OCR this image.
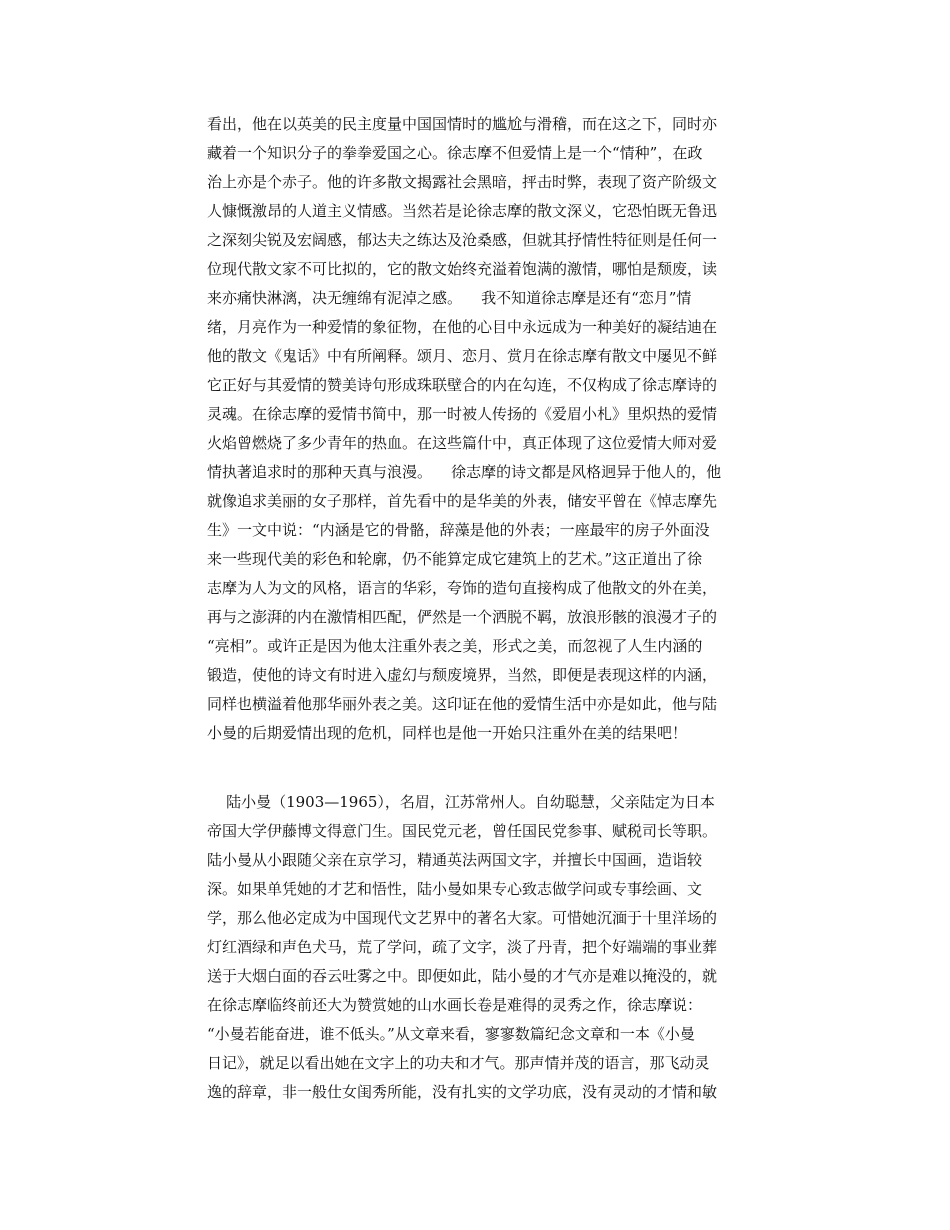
看出，他在以英美的民主度量中国国情时的尴尬与滑稽，而在这之下，同时亦
藏着一个知识分子的拳拳爱国之心。徐志摩不但爱情上是一个“情种”，在政
治上亦是个赤子。他的许多散文揭露社会黑暗，抨击时弊，表现了资产阶级文
人慷慨激昂的人道主义情感。当然若是论徐志摩的散文深义，它恐怕既无鲁迅
之深刻尖锐及宏阔感，郁达夫之练达及沧桑感，但就其抒情性特征则是任何一
位现代散文家不可比拟的，它的散文始终充溢着饱满的激情，哪怕是颓废，读
来亦痛快淋漓，决无缠绵有泥淖之感。    我不知道徐志摩是还有“恋月”情
绪，月亮作为一种爱情的象征物，在他的心目中永远成为一种美好的凝结迪在
他的散文《鬼话》中有所阐释。颂月、恋月、赏月在徐志摩有散文中屡见不鲜
它正好与其爱情的赞美诗句形成珠联壁合的内在勾连，不仅构成了徐志摩诗的
灵魂。在徐志摩的爱情书简中，那一时被人传扬的《爱眉小札》里炽热的爱情
火焰曾燃烧了多少青年的热血。在这些篇什中，真正体现了这位爱情大师对爱
情执著追求时的那种天真与浪漫。    徐志摩的诗文都是风格迥异于他人的，他
就像追求美丽的女子那样，首先看中的是华美的外表，储安平曾在《悼志摩先
生》一文中说：“内涵是它的骨骼，辞藻是他的外表；一座最牢的房子外面没
来一些现代美的彩色和轮廓，仍不能算定成它建筑上的艺术。”这正道出了徐
志摩为人为文的风格，语言的华彩，夸饰的造句直接构成了他散文的外在美，
再与之澎湃的内在激情相匹配，俨然是一个洒脱不羁，放浪形骸的浪漫才子的
“亮相”。或许正是因为他太注重外表之美，形式之美，而忽视了人生内涵的
锻造，使他的诗文有时进入虚幻与颓废境界，当然，即便是表现这样的内涵，
同样也横溢着他那华丽外表之美。这印证在他的爱情生活中亦是如此，他与陆
小曼的后期爱情出现的危机，同样也是他一开始只注重外在美的结果吧！
陆小曼（1903—1965），名眉，江苏常州人。自幼聪慧，父亲陆定为日本
帝国大学伊藤博文得意门生。国民党元老，曾任国民党参事、赋税司长等职。
陆小曼从小跟随父亲在京学习，精通英法两国文字，并擅长中国画，造诣较
深。如果单凭她的才艺和悟性，陆小曼如果专心致志做学问或专事绘画、文
学，那么他必定成为中国现代文艺界中的著名大家。可惜她沉湎于十里洋场的
灯红酒绿和声色犬马，荒了学问，疏了文字，淡了丹青，把个好端端的事业葬
送于大烟白面的吞云吐雾之中。即便如此，陆小曼的才气亦是难以掩没的，就
在徐志摩临终前还大为赞赏她的山水画长卷是难得的灵秀之作，徐志摩说：
“小曼若能奋进，谁不低头。”从文章来看，寥寥数篇纪念文章和一本《小曼
日记》，就足以看出她在文字上的功夫和才气。那声情并茂的语言，那飞动灵
逸的辞章，非一般仕女闺秀所能，没有扎实的文学功底，没有灵动的才情和敏
